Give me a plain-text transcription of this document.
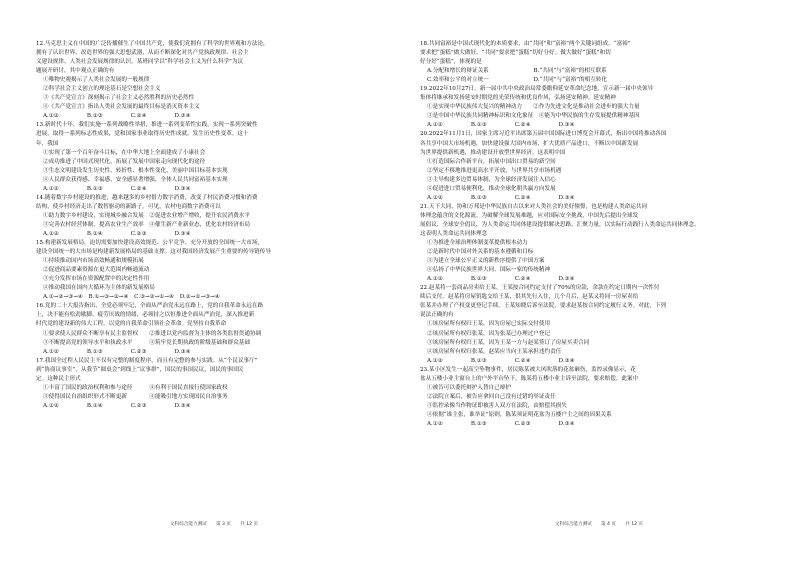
12.马克思主义在中国的广泛传播催生了中国共产党，使我们党拥有了科学的世界观和方法论，

拥有了认识世界、改造世界的强大思想武器，从而不断深化对共产党执政规律、社会主

义建设规律、人类社会发展规律的认识。某班同学以“科学社会主义为什么科学”为议

题展开研讨，其中观点正确的有

①唯物史观揭示了人类社会发展的一般规律

②科学社会主义创立的理论基石是空想社会主义

③《共产党宣言》深刻揭示了社会主义必然胜利的历史必然性

④《共产党宣言》指出人类社会发展的最终目标是消灭资本主义

A.①②　　　　　B.①③　　　　　C.②④　　　　　D.③④

13.新时代十年，我们实施一系列战略性举措，推进一系列变革性实践，实现一系列突破性

进展，取得一系列标志性成果，党和国家事业取得历史性成就、发生历史性变革。这十

年，我国

①实现了第一个百年奋斗目标，在中华大地上全面建成了小康社会

②成功推进了中国式现代化，拓展了发展中国家走向现代化的途径

③生态文明建设发生历史性、转折性、根本性变化，美丽中国目标基本实现

④人民群众获得感、幸福感、安全感显著增强，全体人民共同富裕基本实现

A.①②　　　　　B.①③　　　　　C.②④　　　　　D.③④

14.随着数字乡村建设的推进，越来越多的乡村借力数字消费，改变了村民消费习惯和消费

结构，使乡村经济走出了数智驱动的新路子。可见，农村电商数字消费可以

①助力数字乡村建设，实现城乡融合发展　②促进农业增产增收，提升农民消费水平

③完善农村经营体制，提高农业生产效率　④催生新产业新业态，优化农村经济布局

A.①②　　　　　B.①④　　　　　C.②③　　　　　D.③④

15.构建新发展格局，迫切需要加快建设高效规范、公平竞争、充分开放的全国统一大市场，

建设全国统一的大市场是构建新发展格局的基础支撑。这对我国经济发展产生重要的传导链传导

①持续推动国内市场高效畅通和规模拓展

②促进商品要素资源在更大范围内畅通流动

③充分发挥市场在资源配置中的决定性作用

④推动我国在国内大循环为主体的新发展格局

A.①→②→③→④　B.①→③→②→④　C.③→②→①→④　D.②→①→③→④

16.党的二十大报告指出，全党必须牢记，全面从严治党永远在路上，党的自我革命永远在路

上，决不能有松劲歇脚、疲劳厌战的情绪，必须持之以恒推进全面从严治党，深入推进新

时代党的建设新的伟大工程，以党的自我革命引领社会革命。党坚持自我革命

①要求使人民群众不断享有民主监督权　　②推进以党内监督为主体的各类监督贯通协调

③不断提高党的领导水平和执政水平　　　④筑牢党长期执政的阶级基础和群众基础

A.①②　　　　　B.①③　　　　　C.②③　　　　　D.③④

17.我国全过程人民民主不仅有完整的制度程序，而且有完整的参与实践。从“个民议事厅”

到“协商议事室”，从我节“圆桌会”到线上“议事群”，国民的事国民议，国民的事国民

定。这种民主形式

①丰富了国民的政治权利和参与途径　　　④有利于国民直接行使国家政权

③使得国民自治组织形式不断更新　　　　④能吸引地方实现国民自治事务

A.①②　　　　　B.①④　　　　　C.②③　　　　　D.③④

18.共同富裕是中国式现代化的本质要求，由“共同”和“富裕”两个关键词组成。“富裕”

要求把“蛋糕”做大做好，“共同”要求把“蛋糕”切好分好。做大做好“蛋糕”和切

好分好“蛋糕”，体现的是

A.分配和增长的辩证关系　　　　　　　　B.“共同”与“富裕”的相互联系

C.效率和公平的对立统一　　　　　　　　D.“共同”与“富裕”的相互转化

19.2022年10月27日，新一届中共中央政治局常委瞻仰延安革命纪念地，宣示新一届中央领导

集体将继承和发扬延安时期党的光荣传统和优良作风，弘扬延安精神。延安精神

①是实现中华民族伟大复兴的精神动力　　②作为先进文化是推动社会进步的强大力量

③是中国中华民族共同精神标识和文化象征　④能为中华民族的生存发展提供精神基因

A.①②　　　　　B.①③　　　　　C.②④　　　　　D.③④

20.2022年11月1日，国家主席习近平出席第五届中国国际进口博览会开幕式，指出中国将推动各国

各共享中国大市场机遇，加快建设强大国内市场，扩大优质产品进口，不断以中国新发展

为世界提供新机遇，推动建设开放型世界经济。这表明中国

①打造国际合作新平台，拓展中国出口贸易的新空间

②坚定不移地推进更高水平开放，与世界共享市场机遇

③主导构建多边贸易体制，为全球经济发展注入信心

④促进进口贸易便利化，推动全球化朝共赢方向发展

A.①②　　　　　B.①③　　　　　C.②④　　　　　D.③④

21.天下大同、协和万邦是中华民族自古以来对人类社会的美好憧憬，也是构建人类命运共同

体理念蕴含的文化源流。为破解全球发展难题，应对国际安全挑战，中国先后提出全球发

展倡议、全球安全倡议，为人类命运共同体建设提供解决思路、汇聚力量，以实际行动践行人类命运共同体理念。

这表明人类命运共同体理念

①为推进全球治理体制变革提供根本动力

②是新时代中国对外关系的基本遵循和目标

③为建立全球公平正义的新秩序提供了中国方案

④弘扬了中华民族世界大同、国际一家的传统精神

A.①②　　　　　B.①③　　　　　C.②④　　　　　D.③④

22.赵某将一套商品房卖给王某，王某按合同约定支付了70%的房款，余款在约定日期内一次性付

续后支付。赵某将房屋钥匙交给王某，供其先行入住，几个月后，赵某又将同一房屋卖给

张某并办理了产权变更登记手续。王某知晓后诉至法院，要求赵某按合同约定履行义务。对此，下列

说法正确的有

①该房屋所有权归王某，因为房屋已实际交付使用

②该房屋所有权归张某，因为张某已办理过户登记

③该房屋所有权归王某，因为王某一方与赵某签订了房屋买卖合同

④该房屋所有权归张某，赵某应当向王某承担违约责任

A.①②　　　　　B.①③　　　　　C.②④　　　　　D.③④

23.某小区发生一起高空坠物事件，居民陈某被大风吹落的花盆砸伤，监控录像显示，花

盆从五楼小业主窗台上的户外平台坠下，陈某将五楼小业主诉至法院，要求赔偿。此案中

①被告可以委托辩护人替自己辩护

②法院立案后，被告应拿回自己没有过错的举证责任

③监控录像当作物证即被害人双方在法院，由赔偿其损失

④依据“谁主张，谁举证”原则，陈某须证明花盆为五楼户主之间的因果关系

A.①②　　　　　B.①③　　　　　C.②③　　　　　D.③④

文科综合能力测试　　第 3 页　　共 12 页	文科综合能力测试　　第 4 页　　共 12 页
